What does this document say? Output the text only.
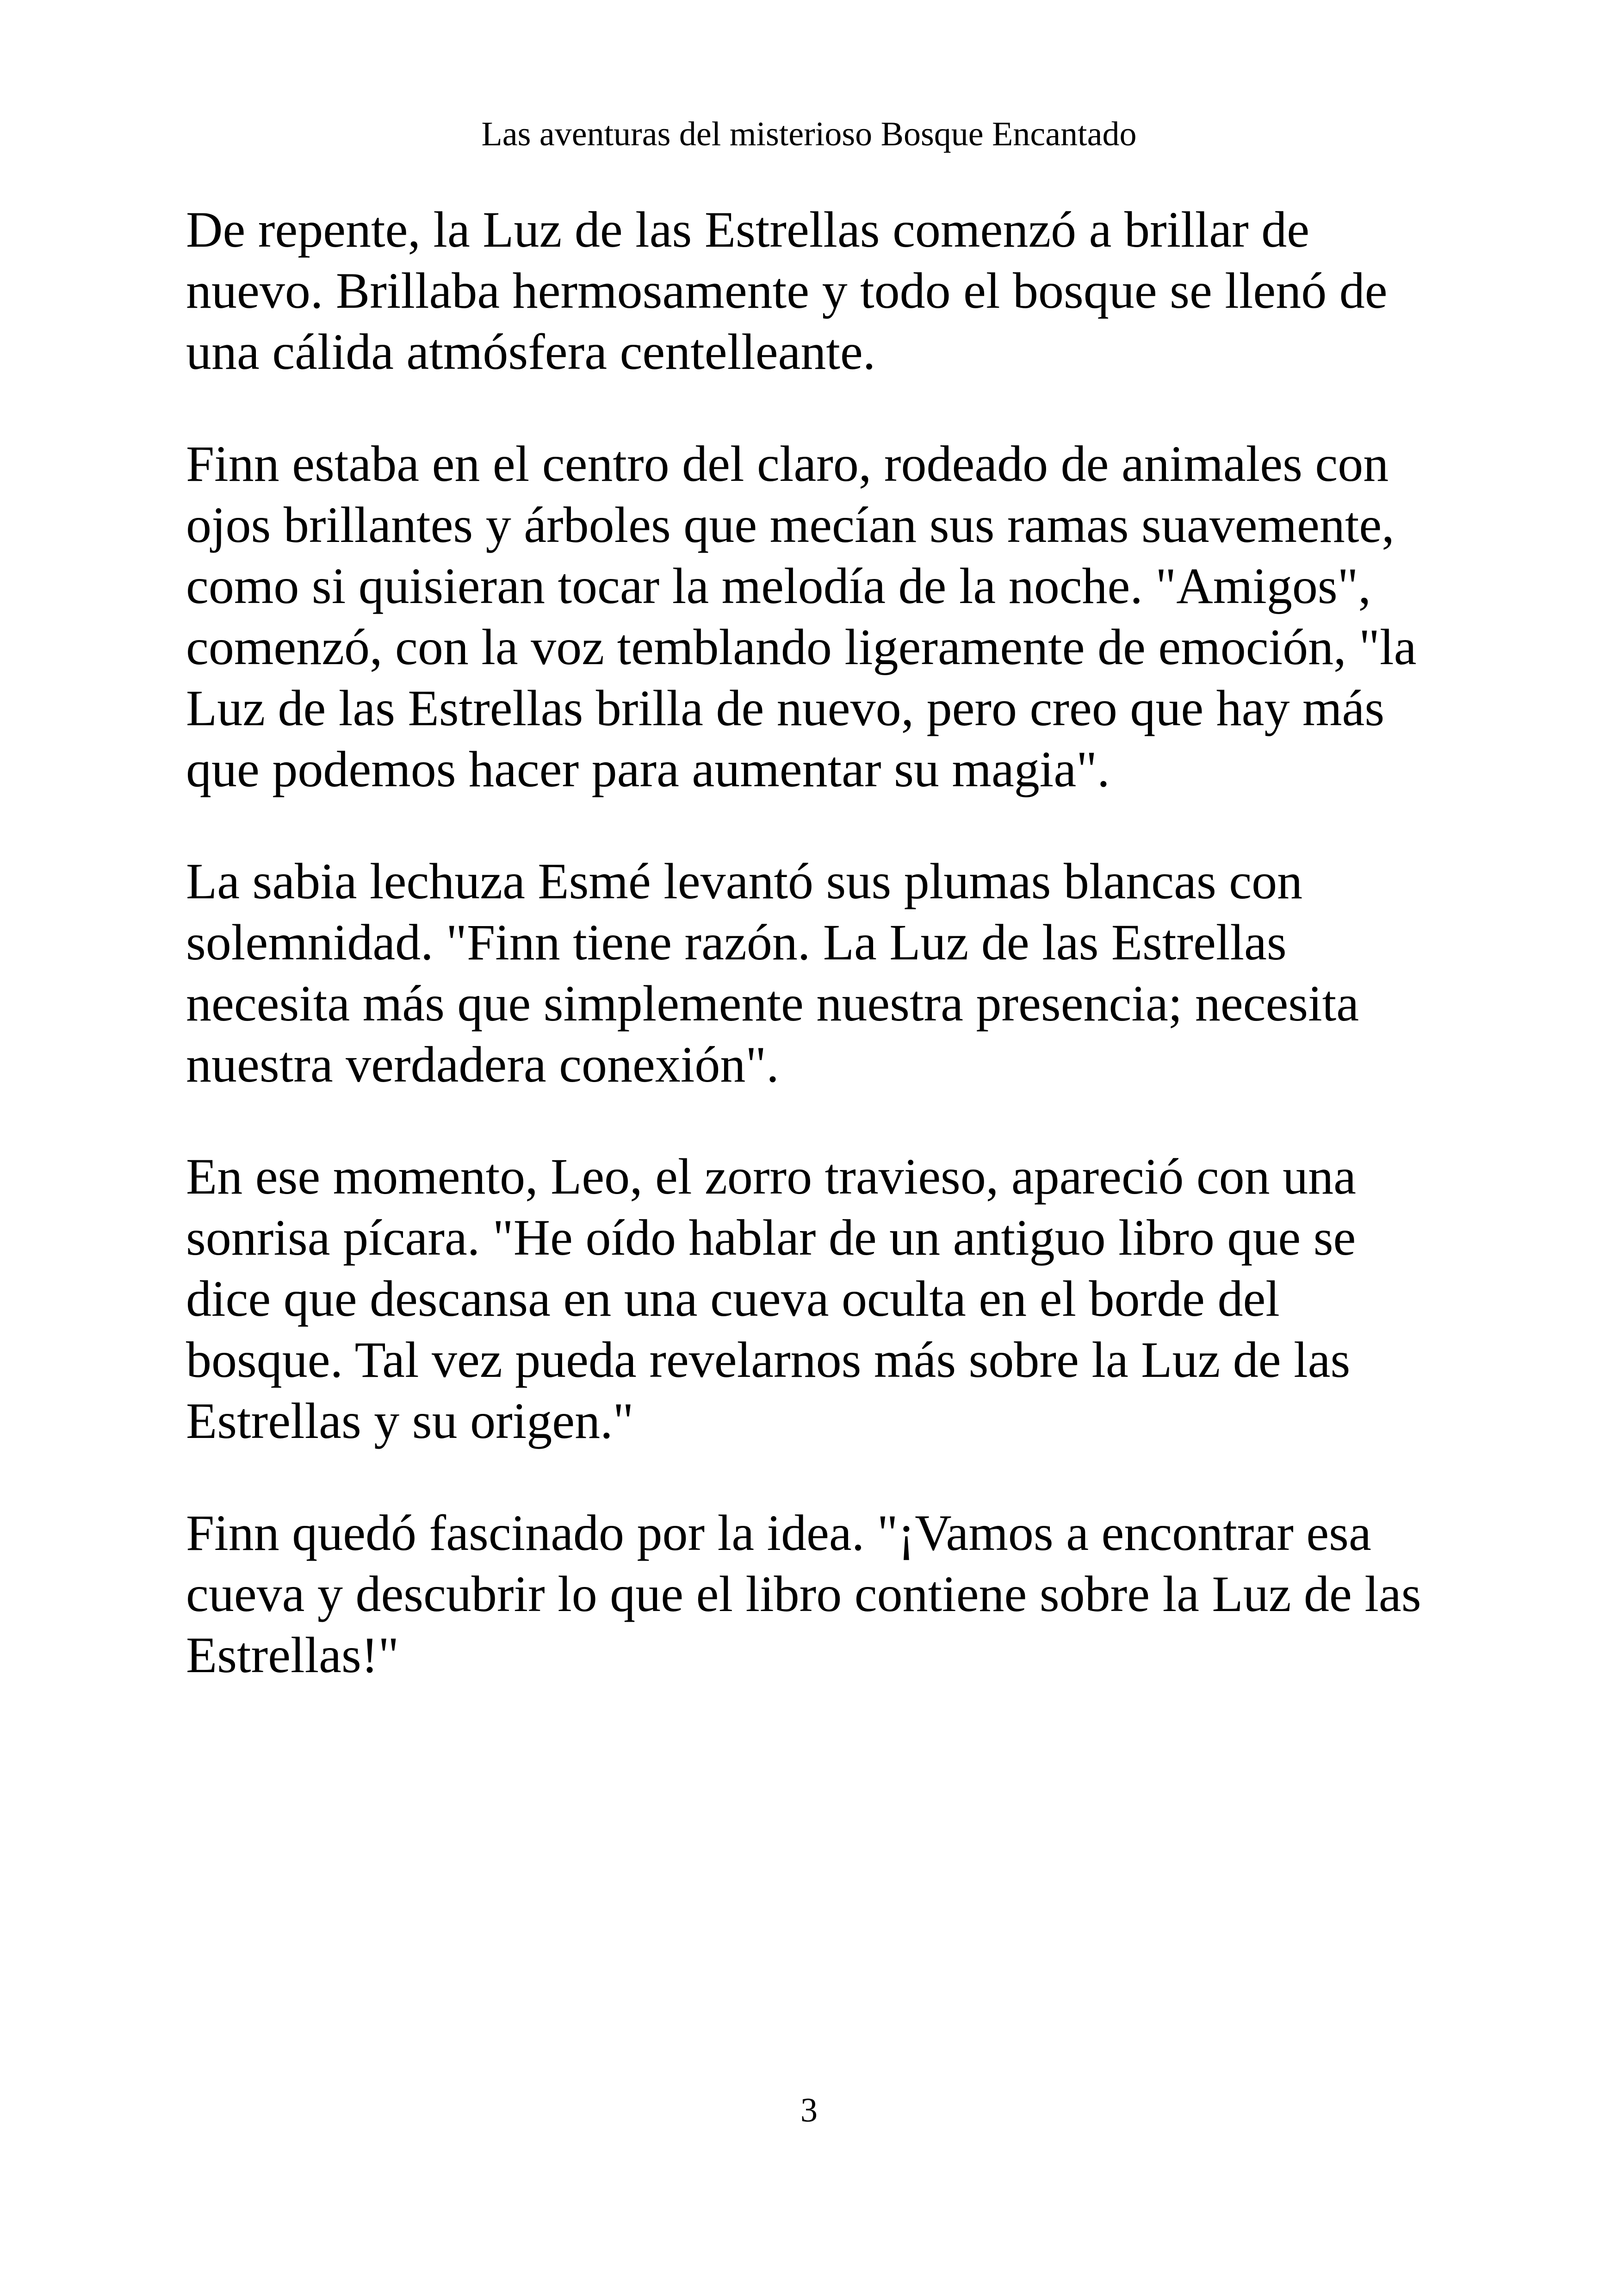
Las aventuras del misterioso Bosque Encantado

De repente, la Luz de las Estrellas comenzó a brillar de
nuevo. Brillaba hermosamente y todo el bosque se llenó de
una cálida atmósfera centelleante.

Finn estaba en el centro del claro, rodeado de animales con
ojos brillantes y árboles que mecían sus ramas suavemente,
como si quisieran tocar la melodía de la noche. "Amigos",
comenzó, con la voz temblando ligeramente de emoción, "la
Luz de las Estrellas brilla de nuevo, pero creo que hay más
que podemos hacer para aumentar su magia".

La sabia lechuza Esmé levantó sus plumas blancas con
solemnidad. "Finn tiene razón. La Luz de las Estrellas
necesita más que simplemente nuestra presencia; necesita
nuestra verdadera conexión".

En ese momento, Leo, el zorro travieso, apareció con una
sonrisa pícara. "He oído hablar de un antiguo libro que se
dice que descansa en una cueva oculta en el borde del
bosque. Tal vez pueda revelarnos más sobre la Luz de las
Estrellas y su origen."

Finn quedó fascinado por la idea. "¡Vamos a encontrar esa
cueva y descubrir lo que el libro contiene sobre la Luz de las
Estrellas!"

3
